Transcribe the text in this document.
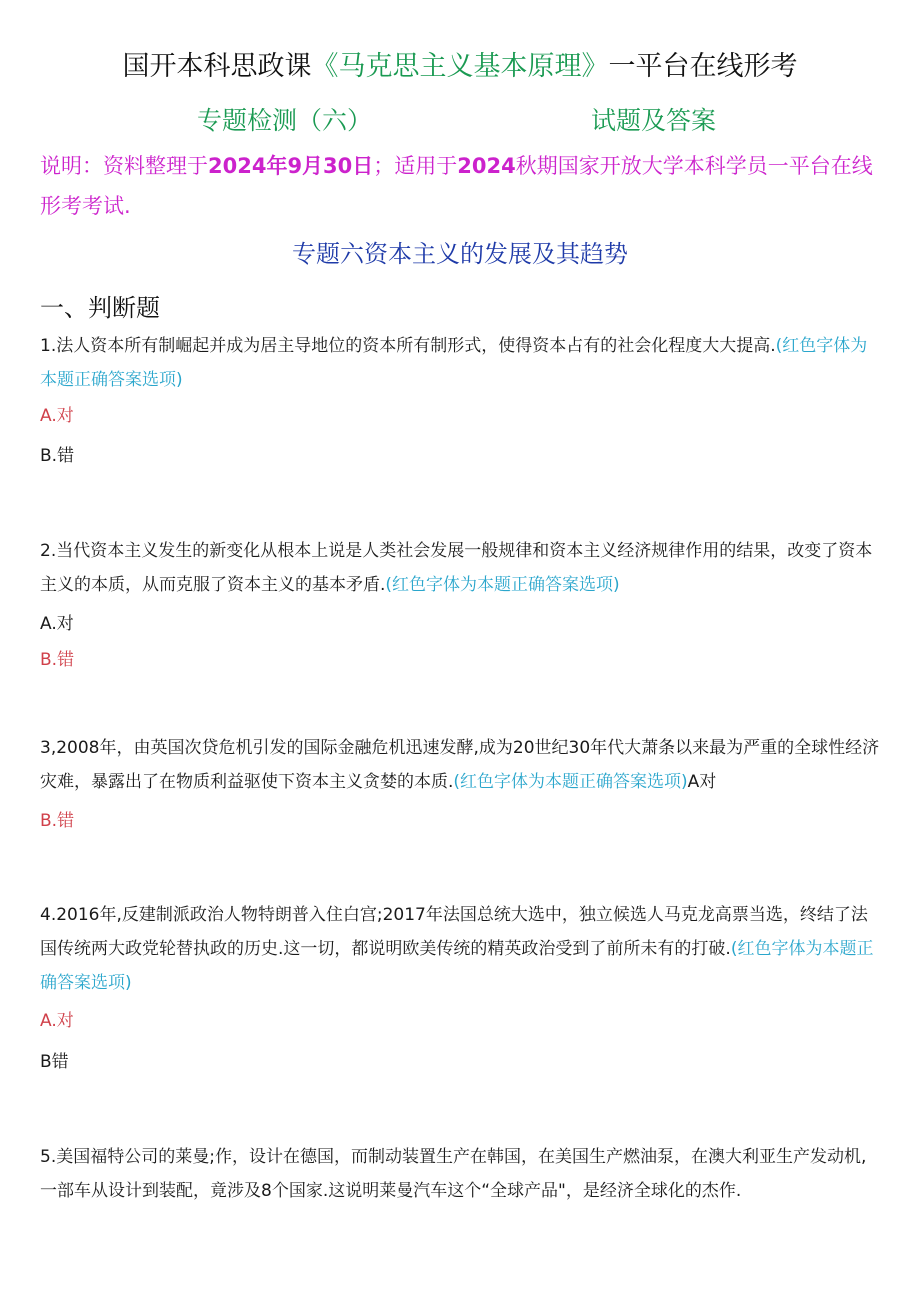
国开本科思政课《马克思主义基本原理》一平台在线形考
专题检测（六）	试题及答案
说明：资料整理于2024年9月30日；适用于2024秋期国家开放大学本科学员一平台在线形考考试.
专题六资本主义的发展及其趋势
一、判断题
1.法人资本所有制崛起并成为居主导地位的资本所有制形式，使得资本占有的社会化程度大大提高.(红色字体为本题正确答案选项)
A.对
B.错
2.当代资本主义发生的新变化从根本上说是人类社会发展一般规律和资本主义经济规律作用的结果，改变了资本主义的本质，从而克服了资本主义的基本矛盾.(红色字体为本题正确答案选项)
A.对
B.错
3,2008年，由英国次贷危机引发的国际金融危机迅速发酵,成为20世纪30年代大萧条以来最为严重的全球性经济灾难，暴露出了在物质利益驱使下资本主义贪婪的本质.(红色字体为本题正确答案选项)A对
B.错
4.2016年,反建制派政治人物特朗普入住白宫;2017年法国总统大选中，独立候选人马克龙高票当选，终结了法国传统两大政党轮替执政的历史.这一切，都说明欧美传统的精英政治受到了前所未有的打破.(红色字体为本题正确答案选项)
A.对
B错
5.美国福特公司的莱曼;作，设计在德国，而制动装置生产在韩国，在美国生产燃油泵，在澳大利亚生产发动机,一部车从设计到装配，竟涉及8个国家.这说明莱曼汽车这个“全球产品"，是经济全球化的杰作.
